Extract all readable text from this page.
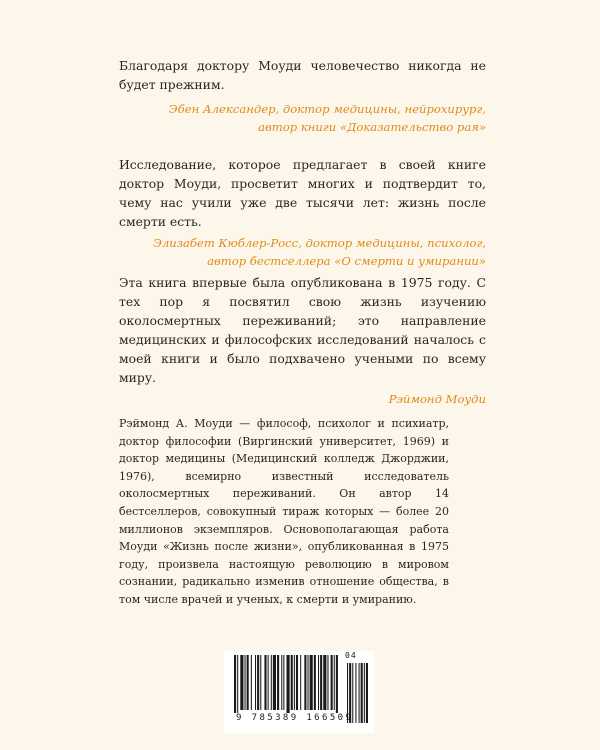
Благодаря доктору Моуди человечество никогда не будет прежним.

Эбен Александер, доктор медицины, нейрохирург,

автор книги «Доказательство рая»

Исследование, которое предлагает в своей книге доктор Моуди, просветит многих и подтвердит то, чему нас учили уже две тысячи лет: жизнь после смерти есть.

Элизабет Кюблер-Росс, доктор медицины, психолог,

автор бестселлера «О смерти и умирании»

Эта книга впервые была опубликована в 1975 году. С тех пор я посвятил свою жизнь изучению околосмертных переживаний; это направление медицинских и философских исследований началось с моей книги и было подхвачено учеными по всему миру.

Рэймонд Моуди

Рэймонд А. Моуди — философ, психолог и психиатр, доктор философии (Виргинский университет, 1969) и доктор медицины (Медицинский колледж Джорджии, 1976), всемирно известный исследователь околосмертных переживаний. Он автор 14 бестселлеров, совокупный тираж которых — более 20 миллионов экземпляров. Основополагающая работа Моуди «Жизнь после жизни», опубликованная в 1975 году, произвела настоящую революцию в мировом сознании, радикально изменив отношение общества, в том числе врачей и ученых, к смерти и умиранию.

04
9 785389 166509
